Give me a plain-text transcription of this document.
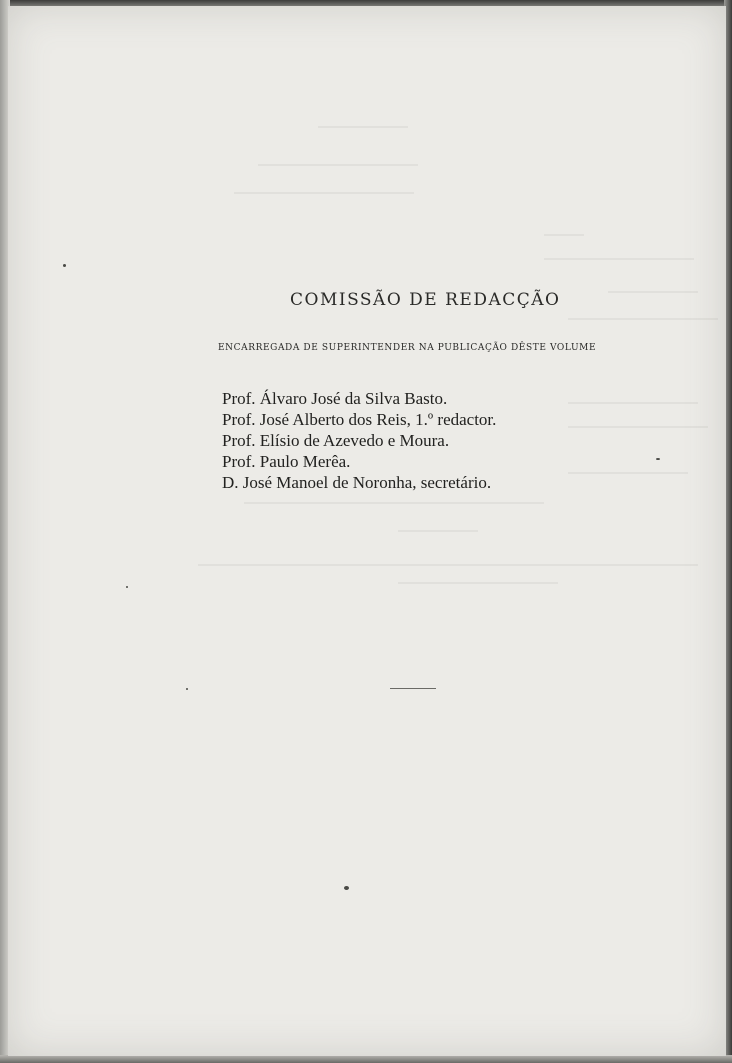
COMISSÃO DE REDACÇÃO
ENCARREGADA DE SUPERINTENDER NA PUBLICAÇÃO DÊSTE VOLUME
Prof. Álvaro José da Silva Basto.
Prof. José Alberto dos Reis, 1.º redactor.
Prof. Elísio de Azevedo e Moura.
Prof. Paulo Merêa.
D. José Manoel de Noronha, secretário.
